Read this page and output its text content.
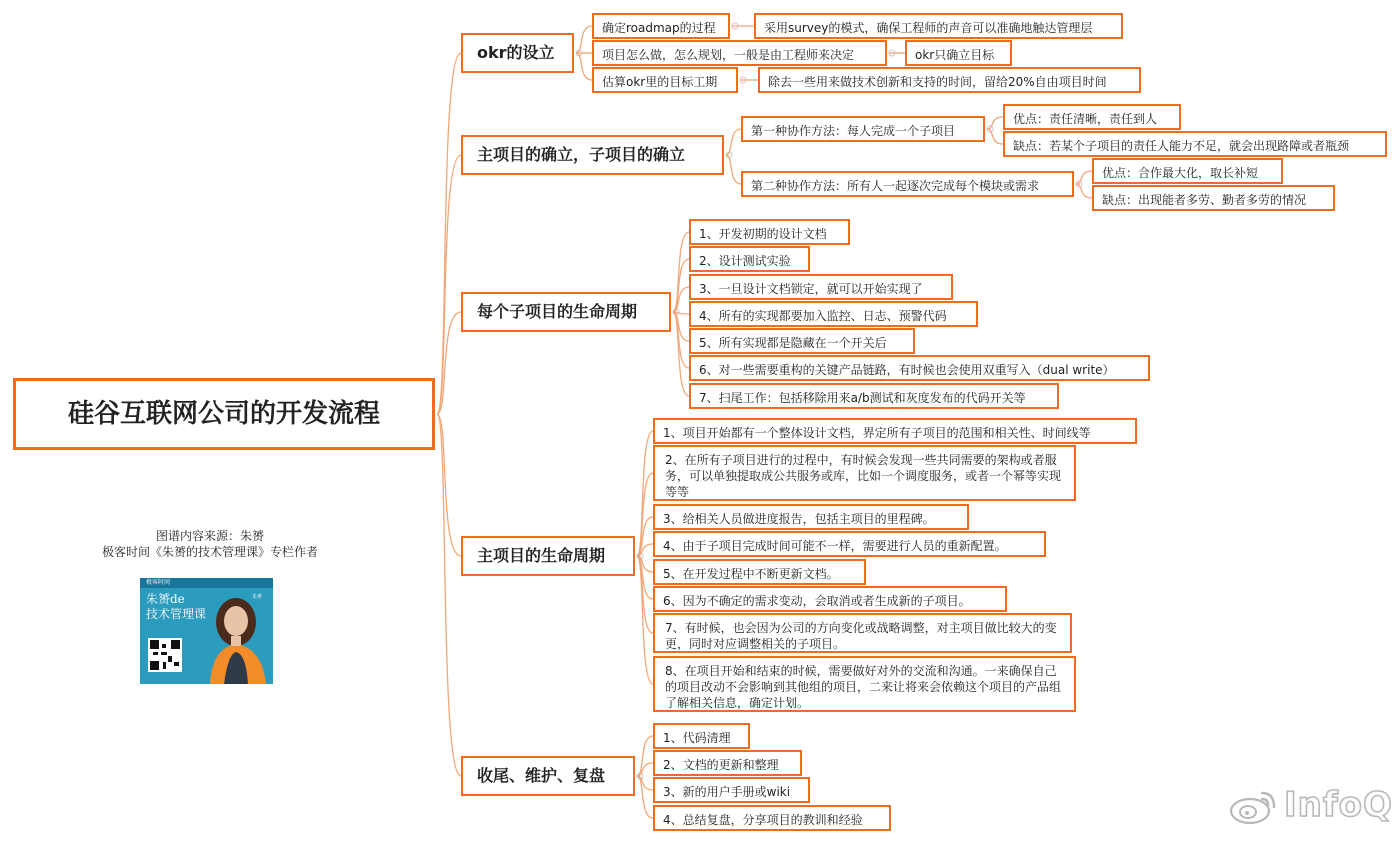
硅谷互联网公司的开发流程
okr的设立
主项目的确立，子项目的确立
每个子项目的生命周期
主项目的生命周期
收尾、维护、复盘
确定roadmap的过程	采用survey的模式，确保工程师的声音可以准确地触达管理层
项目怎么做，怎么规划，一般是由工程师来决定	okr只确立目标
估算okr里的目标工期	除去一些用来做技术创新和支持的时间，留给20%自由项目时间
第一种协作方法：每人完成一个子项目
优点：责任清晰，责任到人
缺点：若某个子项目的责任人能力不足，就会出现路障或者瓶颈
第二种协作方法：所有人一起逐次完成每个模块或需求
优点：合作最大化，取长补短
缺点：出现能者多劳、勤者多劳的情况
1、开发初期的设计文档
2、设计测试实验
3、一旦设计文档锁定，就可以开始实现了
4、所有的实现都要加入监控、日志、预警代码
5、所有实现都是隐藏在一个开关后
6、对一些需要重构的关键产品链路，有时候也会使用双重写入（dual write）
7、扫尾工作：包括移除用来a/b测试和灰度发布的代码开关等
1、项目开始都有一个整体设计文档，界定所有子项目的范围和相关性、时间线等
2、在所有子项目进行的过程中，有时候会发现一些共同需要的架构或者服务，可以单独提取成公共服务或库，比如一个调度服务，或者一个幂等实现等等
3、给相关人员做进度报告，包括主项目的里程碑。
4、由于子项目完成时间可能不一样，需要进行人员的重新配置。
5、在开发过程中不断更新文档。
6、因为不确定的需求变动，会取消或者生成新的子项目。
7、有时候，也会因为公司的方向变化或战略调整，对主项目做比较大的变更，同时对应调整相关的子项目。
8、在项目开始和结束的时候，需要做好对外的交流和沟通。一来确保自己的项目改动不会影响到其他组的项目，二来让将来会依赖这个项目的产品组了解相关信息，确定计划。
1、代码清理
2、文档的更新和整理
3、新的用户手册或wiki
4、总结复盘，分享项目的教训和经验
图谱内容来源：朱赟
极客时间《朱赟的技术管理课》专栏作者
极客时间
朱赟de
技术管理课
朱赟
InfoQ
